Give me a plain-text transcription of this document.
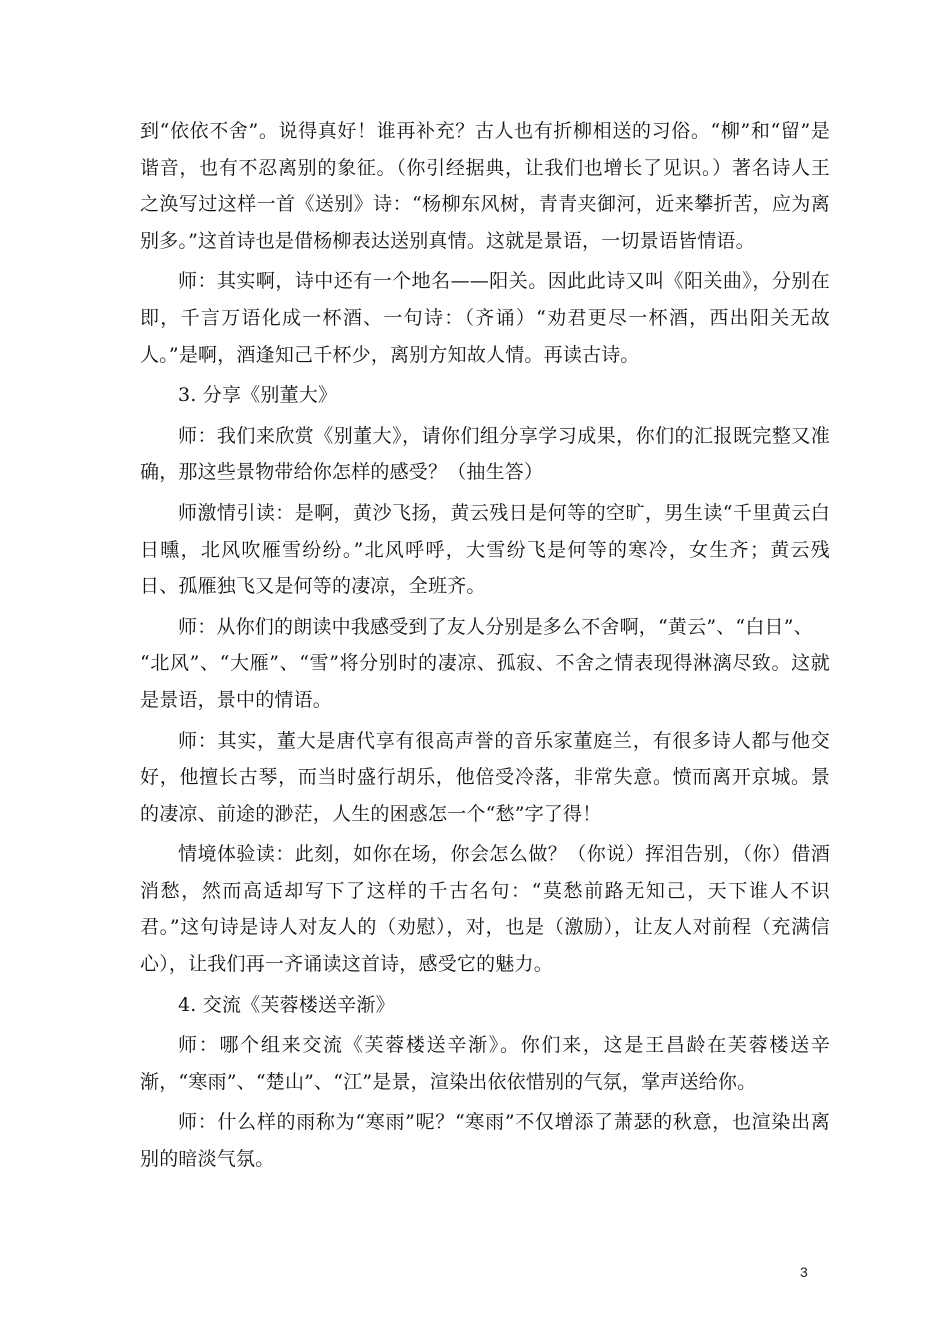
到“依依不舍”。说得真好！谁再补充？古人也有折柳相送的习俗。“柳”和“留”是谐音，也有不忍离别的象征。（你引经据典，让我们也增长了见识。）著名诗人王之涣写过这样一首《送别》诗：“杨柳东风树，青青夹御河，近来攀折苦，应为离别多。”这首诗也是借杨柳表达送别真情。这就是景语，一切景语皆情语。

师：其实啊，诗中还有一个地名——阳关。因此此诗又叫《阳关曲》，分别在即，千言万语化成一杯酒、一句诗：（齐诵）“劝君更尽一杯酒，西出阳关无故人。”是啊，酒逢知己千杯少，离别方知故人情。再读古诗。

3. 分享《别董大》

师：我们来欣赏《别董大》，请你们组分享学习成果，你们的汇报既完整又准确，那这些景物带给你怎样的感受？（抽生答）

师激情引读：是啊，黄沙飞扬，黄云残日是何等的空旷，男生读“千里黄云白日曛，北风吹雁雪纷纷。”北风呼呼，大雪纷飞是何等的寒冷，女生齐；黄云残日、孤雁独飞又是何等的凄凉，全班齐。

师：从你们的朗读中我感受到了友人分别是多么不舍啊，“黄云”、“白日”、

“北风”、“大雁”、“雪”将分别时的凄凉、孤寂、不舍之情表现得淋漓尽致。这就是景语，景中的情语。

师：其实，董大是唐代享有很高声誉的音乐家董庭兰，有很多诗人都与他交好，他擅长古琴，而当时盛行胡乐，他倍受冷落，非常失意。愤而离开京城。景的凄凉、前途的渺茫，人生的困惑怎一个“愁”字了得！

情境体验读：此刻，如你在场，你会怎么做？（你说）挥泪告别，（你）借酒消愁，然而高适却写下了这样的千古名句：“莫愁前路无知己，天下谁人不识君。”这句诗是诗人对友人的（劝慰），对，也是（激励），让友人对前程（充满信心），让我们再一齐诵读这首诗，感受它的魅力。

4. 交流《芙蓉楼送辛渐》

师：哪个组来交流《芙蓉楼送辛渐》。你们来，这是王昌龄在芙蓉楼送辛渐，“寒雨”、“楚山”、“江”是景，渲染出依依惜别的气氛，掌声送给你。

师：什么样的雨称为“寒雨”呢？“寒雨”不仅增添了萧瑟的秋意，也渲染出离别的暗淡气氛。

3
